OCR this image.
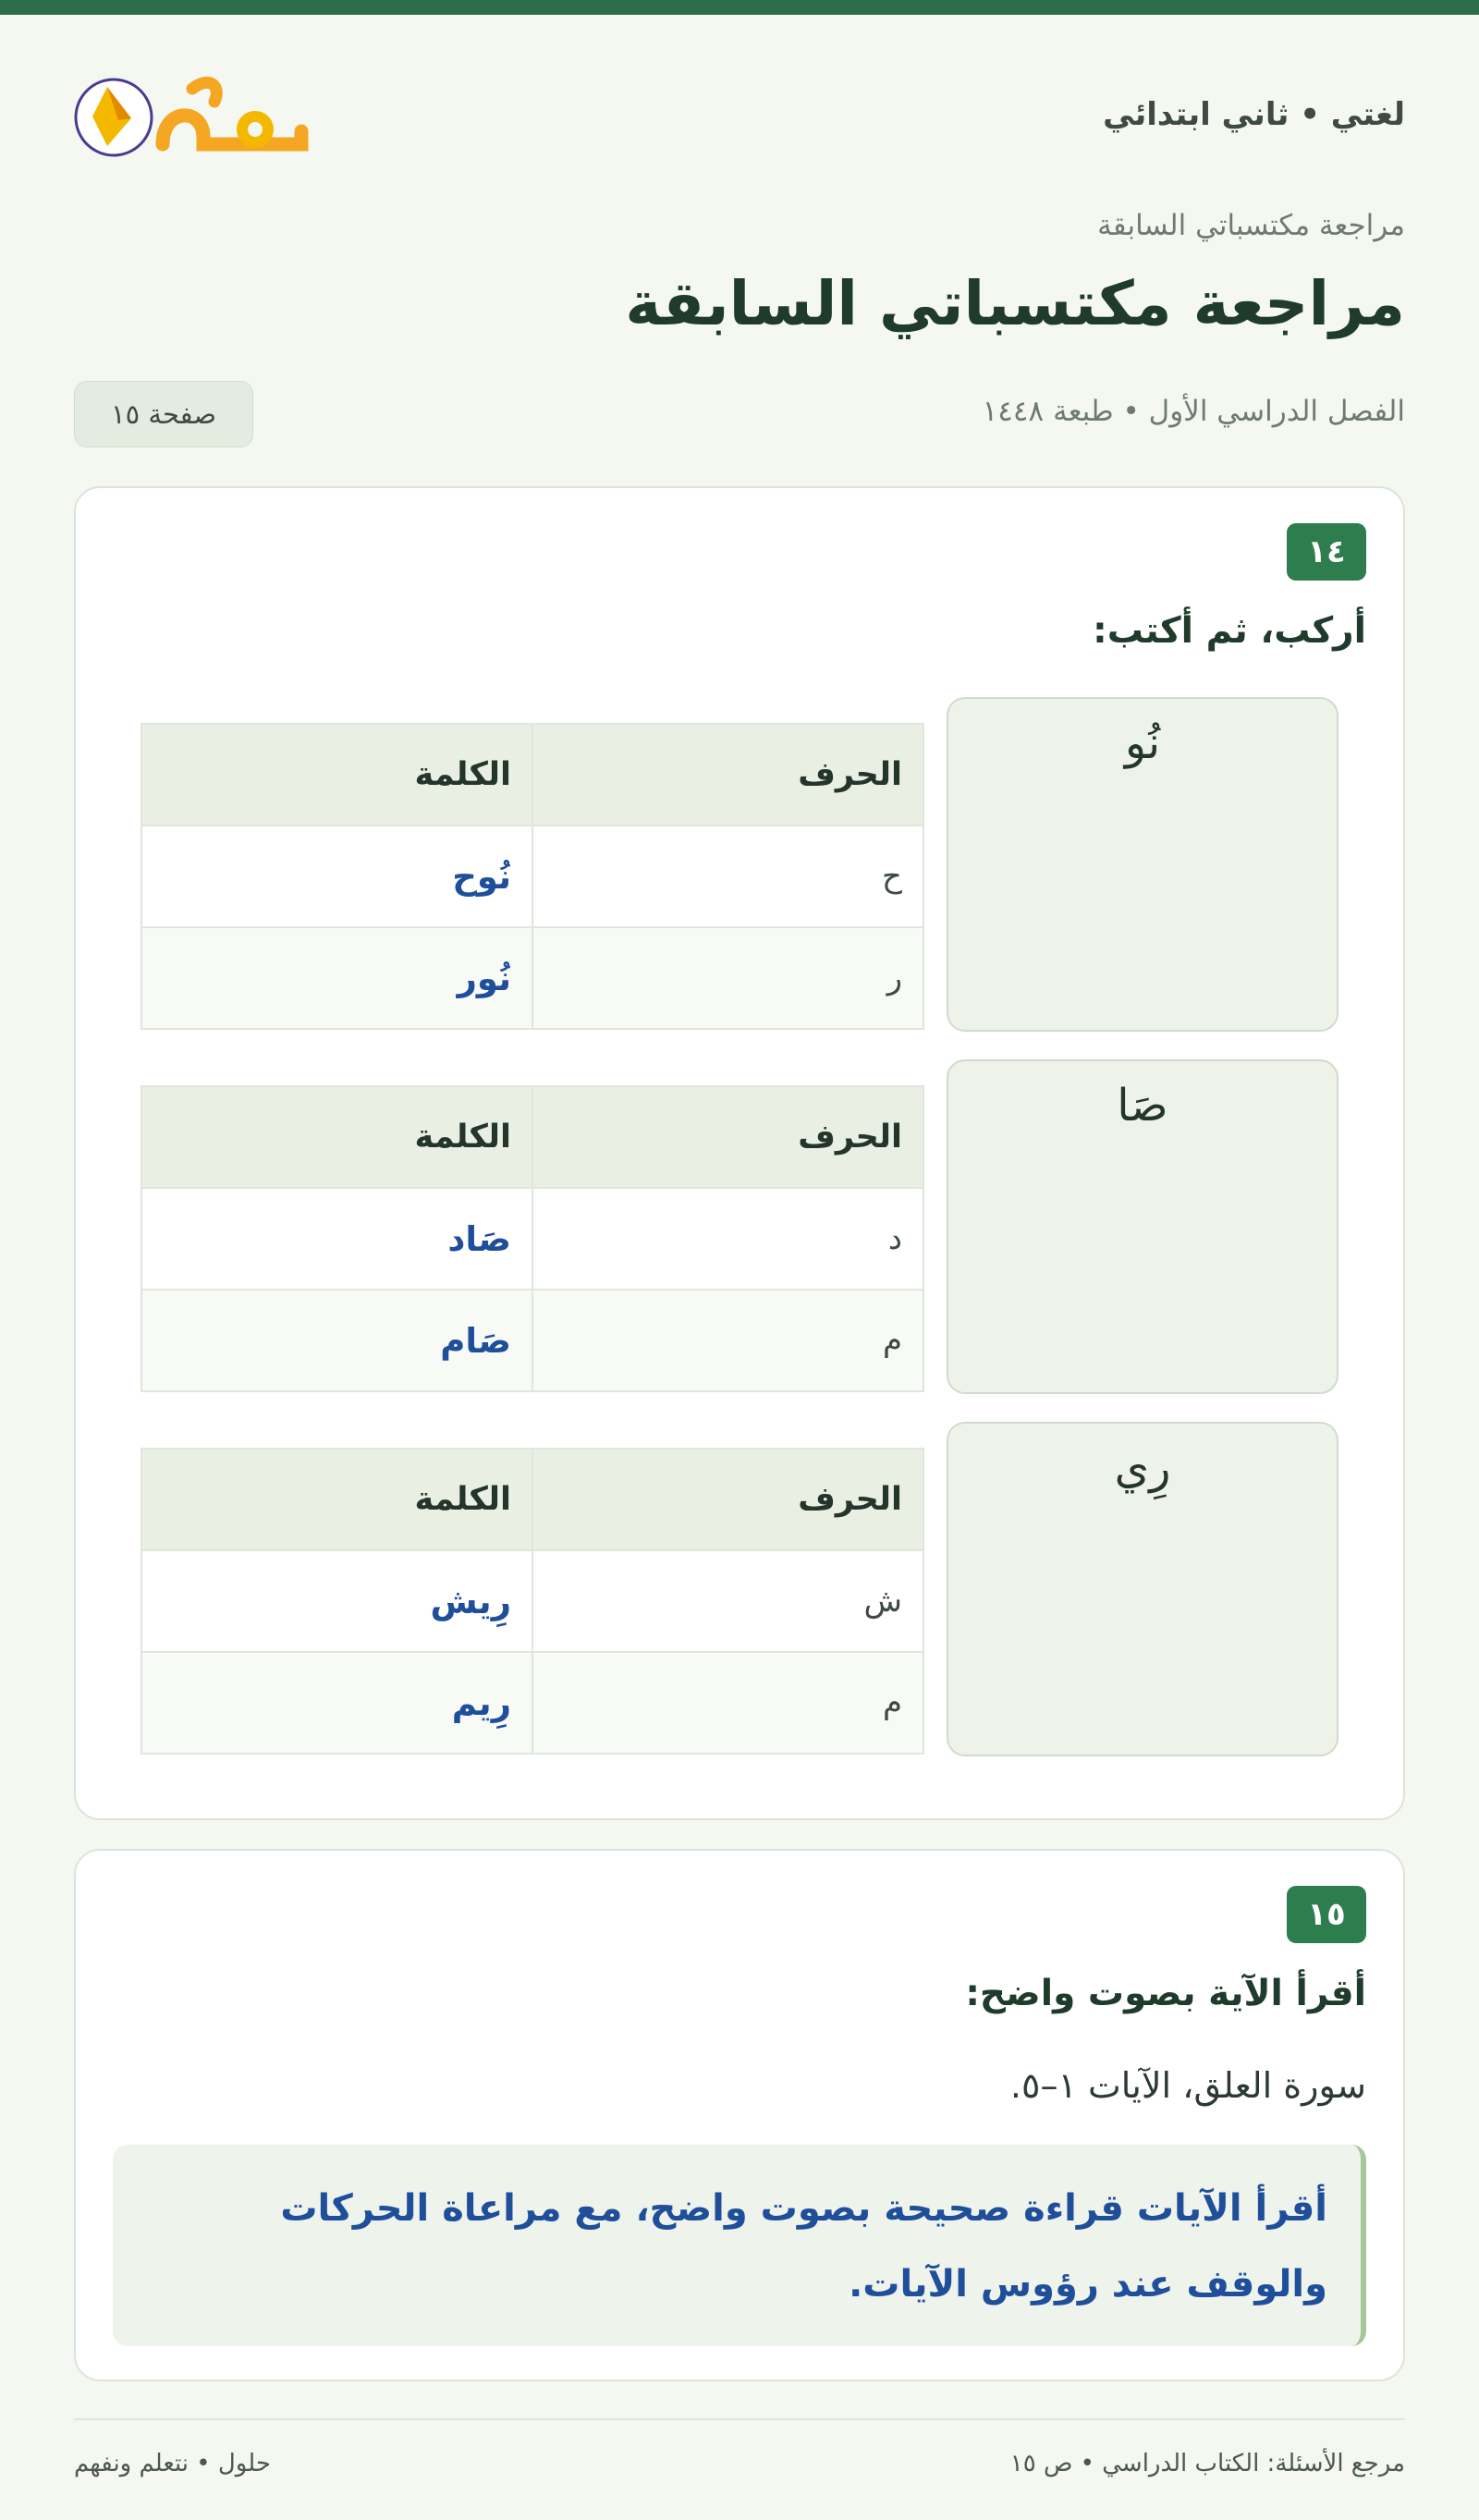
لغتي • ثاني ابتدائي
حلول
مراجعة مكتسباتي السابقة
مراجعة مكتسباتي السابقة
الفصل الدراسي الأول • طبعة ١٤٤٨
صفحة ١٥
١٤
أركب، ثم أكتب:
نُو
الحرف	الكلمة
ح	نُوح
ر	نُور
صَا
الحرف	الكلمة
د	صَاد
م	صَام
رِي
الحرف	الكلمة
ش	رِيش
م	رِيم
١٥
أقرأ الآية بصوت واضح:
سورة العلق، الآيات ١–٥.
أقرأ الآيات قراءة صحيحة بصوت واضح، مع مراعاة الحركات والوقف عند رؤوس الآيات.
مرجع الأسئلة: الكتاب الدراسي • ص ١٥
حلول • نتعلم ونفهم
